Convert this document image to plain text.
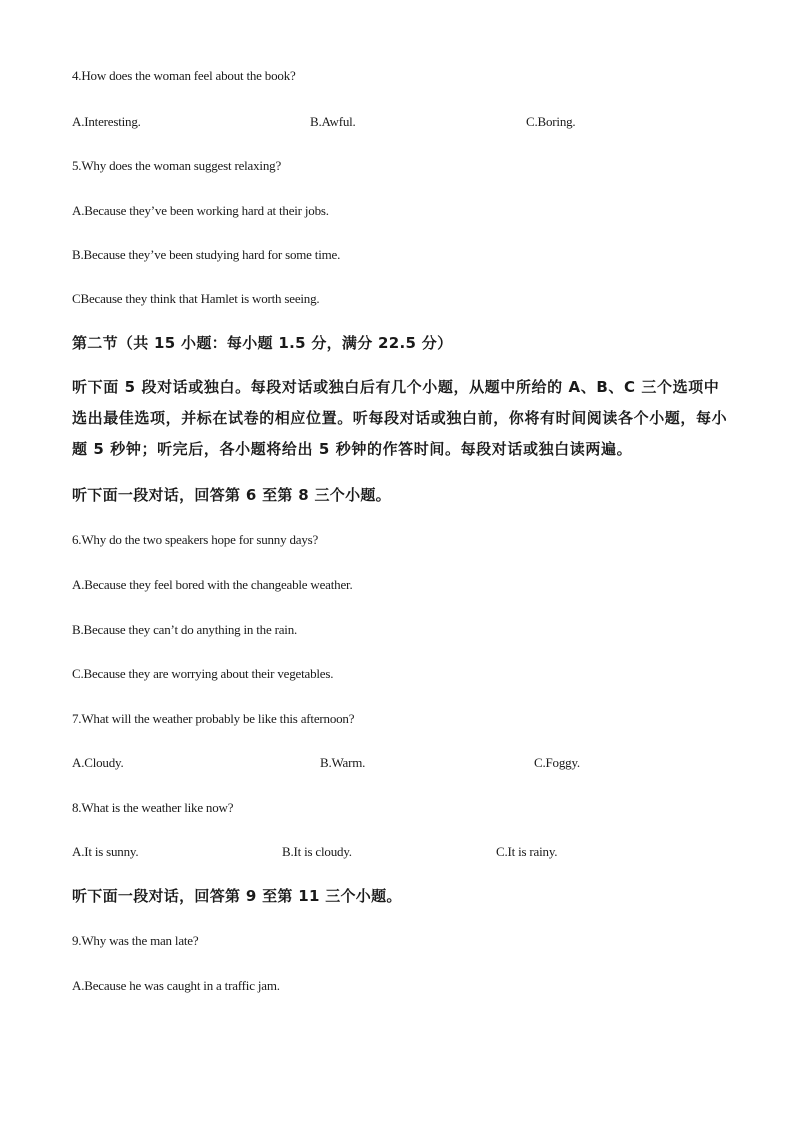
4.How does the woman feel about the book?
A.Interesting.	B.Awful.	C.Boring.
5.Why does the woman suggest relaxing?
A.Because they’ve been working hard at their jobs.
B.Because they’ve been studying hard for some time.
CBecause they think that Hamlet is worth seeing.
第二节（共 15 小题：每小题 1.5 分，满分 22.5 分）
听下面 5 段对话或独白。每段对话或独白后有几个小题，从题中所给的 A、B、C 三个选项中选出最佳选项，并标在试卷的相应位置。听每段对话或独白前，你将有时间阅读各个小题，每小题 5 秒钟；听完后，各小题将给出 5 秒钟的作答时间。每段对话或独白读两遍。
听下面一段对话，回答第 6 至第 8 三个小题。
6.Why do the two speakers hope for sunny days?
A.Because they feel bored with the changeable weather.
B.Because they can’t do anything in the rain.
C.Because they are worrying about their vegetables.
7.What will the weather probably be like this afternoon?
A.Cloudy.	B.Warm.	C.Foggy.
8.What is the weather like now?
A.It is sunny.	B.It is cloudy.	C.It is rainy.
听下面一段对话，回答第 9 至第 11 三个小题。
9.Why was the man late?
A.Because he was caught in a traffic jam.
